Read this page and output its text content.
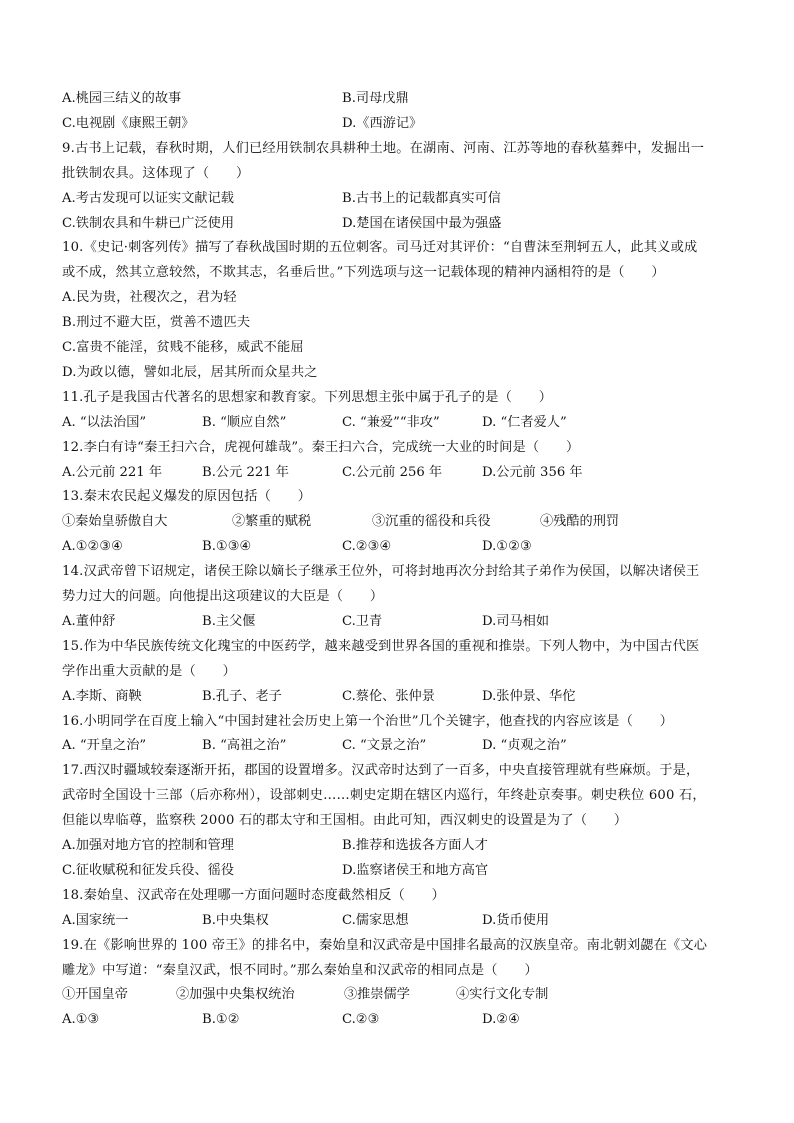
A.桃园三结义的故事	B.司母戊鼎
C.电视剧《康熙王朝》	D.《西游记》
9.古书上记载，春秋时期，人们已经用铁制农具耕种土地。在湖南、河南、江苏等地的春秋墓葬中，发掘出一
批铁制农具。这体现了（　　）
A.考古发现可以证实文献记载	B.古书上的记载都真实可信
C.铁制农具和牛耕已广泛使用	D.楚国在诸侯国中最为强盛
10.《史记·刺客列传》描写了春秋战国时期的五位刺客。司马迁对其评价：“自曹沫至荆轲五人，此其义或成
或不成，然其立意较然，不欺其志，名垂后世。”下列选项与这一记载体现的精神内涵相符的是（　　）
A.民为贵，社稷次之，君为轻
B.刑过不避大臣，赏善不遗匹夫
C.富贵不能淫，贫贱不能移，威武不能屈
D.为政以德，譬如北辰，居其所而众星共之
11.孔子是我国古代著名的思想家和教育家。下列思想主张中属于孔子的是（　　）
A. “以法治国”	B. “顺应自然”	C. “兼爱”“非攻”	D. “仁者爱人”
12.李白有诗“秦王扫六合，虎视何雄哉”。秦王扫六合，完成统一大业的时间是（　　）
A.公元前 221 年	B.公元 221 年	C.公元前 256 年	D.公元前 356 年
13.秦末农民起义爆发的原因包括（　　）
①秦始皇骄傲自大	②繁重的赋税	③沉重的徭役和兵役	④残酷的刑罚
A.①②③④	B.①③④	C.②③④	D.①②③
14.汉武帝曾下诏规定，诸侯王除以嫡长子继承王位外，可将封地再次分封给其子弟作为侯国，以解决诸侯王
势力过大的问题。向他提出这项建议的大臣是（　　）
A.董仲舒	B.主父偃	C.卫青	D.司马相如
15.作为中华民族传统文化瑰宝的中医药学，越来越受到世界各国的重视和推崇。下列人物中，为中国古代医
学作出重大贡献的是（　　）
A.李斯、商鞅	B.孔子、老子	C.蔡伦、张仲景	D.张仲景、华佗
16.小明同学在百度上输入“中国封建社会历史上第一个治世”几个关键字，他查找的内容应该是（　　）
A. “开皇之治”	B. “高祖之治”	C. “文景之治”	D. “贞观之治”
17.西汉时疆域较秦逐渐开拓，郡国的设置增多。汉武帝时达到了一百多，中央直接管理就有些麻烦。于是，
武帝时全国设十三部（后亦称州），设部刺史……刺史定期在辖区内巡行，年终赴京奏事。刺史秩位 600 石，
但能以卑临尊，监察秩 2000 石的郡太守和王国相。由此可知，西汉刺史的设置是为了（　　）
A.加强对地方官的控制和管理	B.推荐和选拔各方面人才
C.征收赋税和征发兵役、徭役	D.监察诸侯王和地方高官
18.秦始皇、汉武帝在处理哪一方面问题时态度截然相反（　　）
A.国家统一	B.中央集权	C.儒家思想	D.货币使用
19.在《影响世界的 100 帝王》的排名中，秦始皇和汉武帝是中国排名最高的汉族皇帝。南北朝刘勰在《文心
雕龙》中写道：“秦皇汉武，恨不同时。”那么秦始皇和汉武帝的相同点是（　　）
①开国皇帝	②加强中央集权统治	③推崇儒学	④实行文化专制
A.①③	B.①②	C.②③	D.②④
